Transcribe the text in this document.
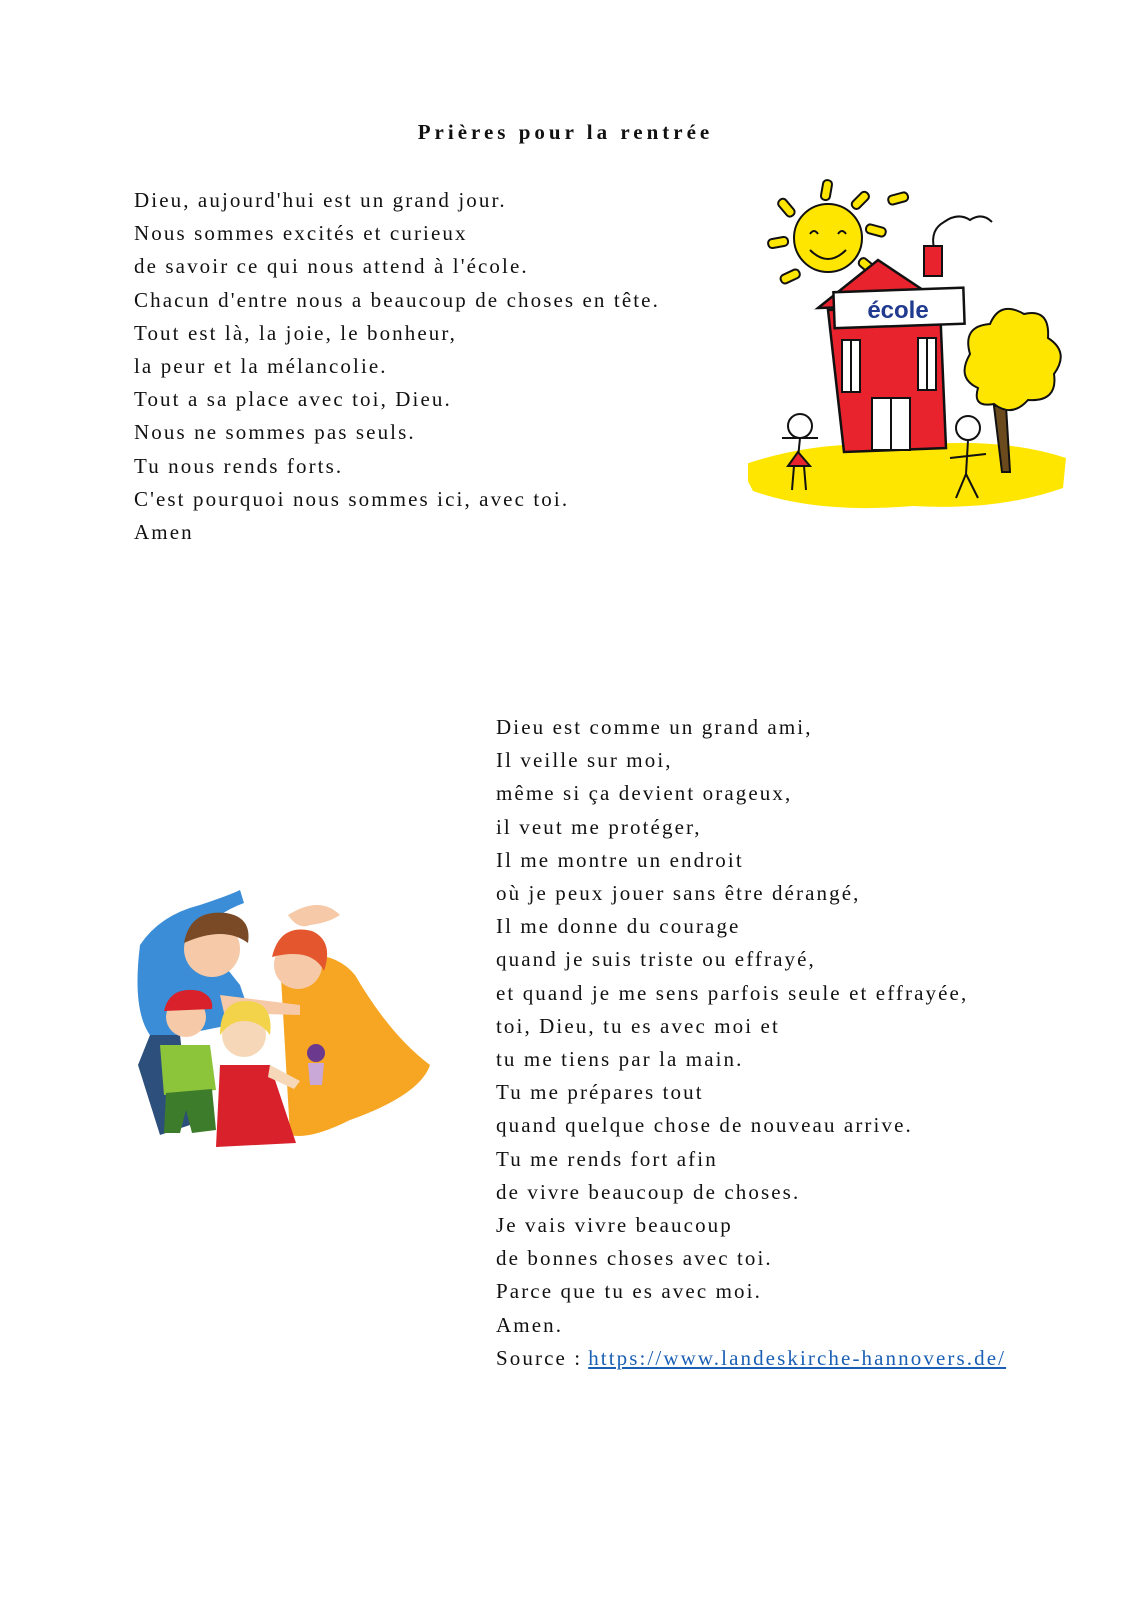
Prières pour la rentrée
Dieu, aujourd'hui est un grand jour.
Nous sommes excités et curieux
de savoir ce qui nous attend à l'école.
Chacun d'entre nous a beaucoup de choses en tête.
Tout est là, la joie, le bonheur,
la peur et la mélancolie.
Tout a sa place avec toi, Dieu.
Nous ne sommes pas seuls.
Tu nous rends forts.
C'est pourquoi nous sommes ici, avec toi.
Amen
école
Dieu est comme un grand ami,
Il veille sur moi,
même si ça devient orageux,
il veut me protéger,
Il me montre un endroit
où je peux jouer sans être dérangé,
Il me donne du courage
quand je suis triste ou effrayé,
et quand je me sens parfois seule et effrayée,
toi, Dieu, tu es avec moi et
tu me tiens par la main.
Tu me prépares tout
quand quelque chose de nouveau arrive.
Tu me rends fort afin
de vivre beaucoup de choses.
Je vais vivre beaucoup
de bonnes choses avec toi.
Parce que tu es avec moi.
Amen.
Source : https://www.landeskirche-hannovers.de/
